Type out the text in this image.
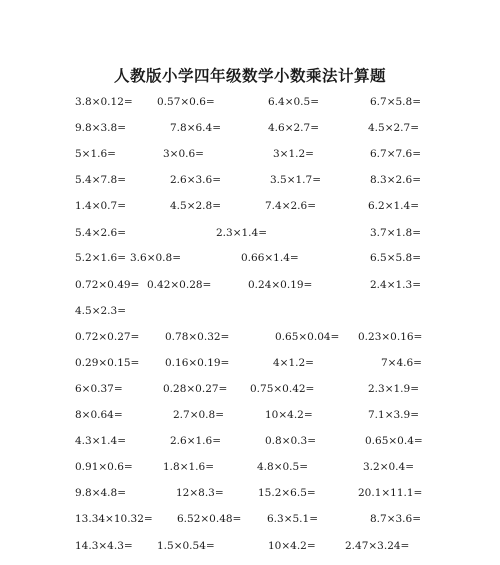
人教版小学四年级数学小数乘法计算题
3.8×0.12= 0.57×0.6=	6.4×0.5=	6.7×5.8=
9.8×3.8=	7.8×6.4=	4.6×2.7=	4.5×2.7=
5×1.6=	3×0.6=	3×1.2=	6.7×7.6=
5.4×7.8=	2.6×3.6=	3.5×1.7=	8.3×2.6=
1.4×0.7=	4.5×2.8=	7.4×2.6=	6.2×1.4=
5.4×2.6=	2.3×1.4=	3.7×1.8=
5.2×1.6= 3.6×0.8=	0.66×1.4=	6.5×5.8=
0.72×0.49= 0.42×0.28=	0.24×0.19=	2.4×1.3=
4.5×2.3=
0.72×0.27= 0.78×0.32=	0.65×0.04= 0.23×0.16=
0.29×0.15= 0.16×0.19=	4×1.2=	7×4.6=
6×0.37=	0.28×0.27= 0.75×0.42=	2.3×1.9=
8×0.64=	2.7×0.8=	10×4.2=	7.1×3.9=
4.3×1.4=	2.6×1.6=	0.8×0.3=	0.65×0.4=
0.91×0.6=	1.8×1.6=	4.8×0.5=	3.2×0.4=
9.8×4.8=	12×8.3=	15.2×6.5=	20.1×11.1=
13.34×10.32= 6.52×0.48= 6.3×5.1=	8.7×3.6=
14.3×4.3= 1.5×0.54=	10×4.2=	2.47×3.24=
